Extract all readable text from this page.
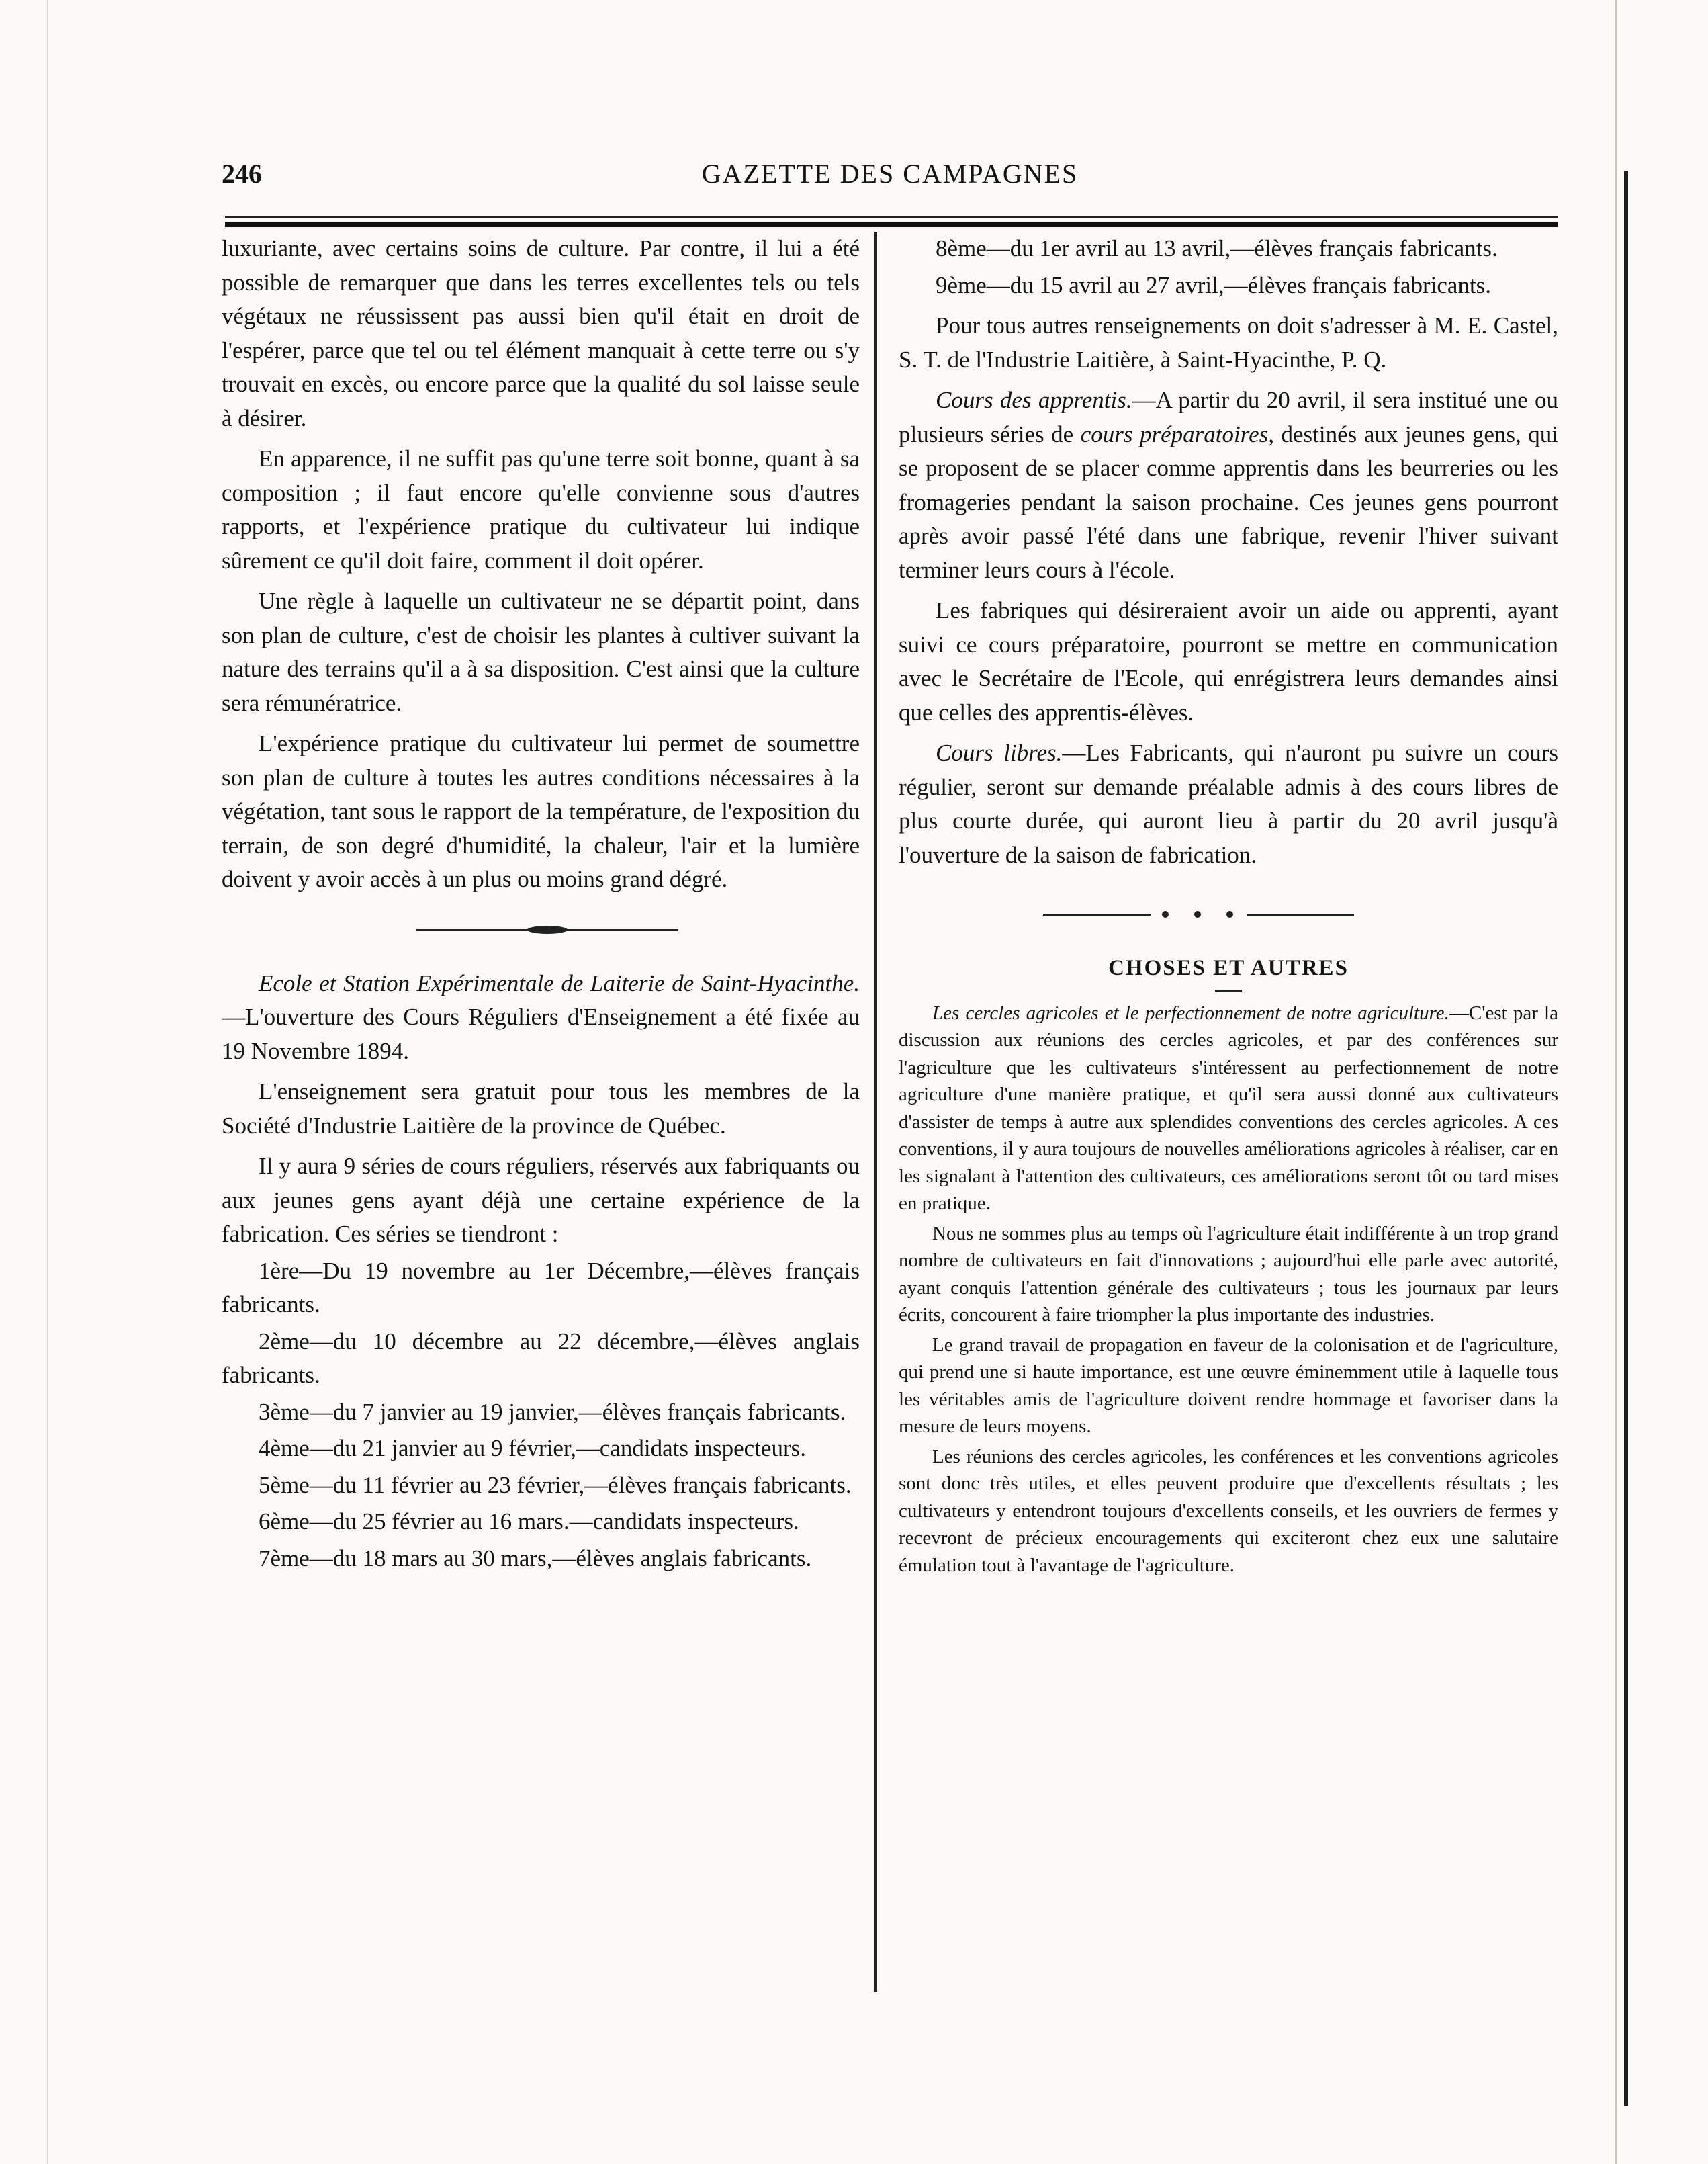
246	GAZETTE DES CAMPAGNES

luxuriante, avec certains soins de culture. Par contre, il lui a été possible de remarquer que dans les terres excellentes tels ou tels végétaux ne réussissent pas aussi bien qu'il était en droit de l'espérer, parce que tel ou tel élément manquait à cette terre ou s'y trouvait en excès, ou encore parce que la qualité du sol laisse seule à désirer.

En apparence, il ne suffit pas qu'une terre soit bonne, quant à sa composition ; il faut encore qu'elle convienne sous d'autres rapports, et l'expérience pratique du cultivateur lui indique sûrement ce qu'il doit faire, comment il doit opérer.

Une règle à laquelle un cultivateur ne se départit point, dans son plan de culture, c'est de choisir les plantes à cultiver suivant la nature des terrains qu'il a à sa disposition. C'est ainsi que la culture sera rémunératrice.

L'expérience pratique du cultivateur lui permet de soumettre son plan de culture à toutes les autres conditions nécessaires à la végétation, tant sous le rapport de la température, de l'exposition du terrain, de son degré d'humidité, la chaleur, l'air et la lumière doivent y avoir accès à un plus ou moins grand dégré.

Ecole et Station Expérimentale de Laiterie de Saint-Hyacinthe.—L'ouverture des Cours Réguliers d'Enseignement a été fixée au 19 Novembre 1894.

L'enseignement sera gratuit pour tous les membres de la Société d'Industrie Laitière de la province de Québec.

Il y aura 9 séries de cours réguliers, réservés aux fabriquants ou aux jeunes gens ayant déjà une certaine expérience de la fabrication. Ces séries se tiendront :

1ère—Du 19 novembre au 1er Décembre,—élèves français fabricants.

2ème—du 10 décembre au 22 décembre,—élèves anglais fabricants.

3ème—du 7 janvier au 19 janvier,—élèves français fabricants.

4ème—du 21 janvier au 9 février,—candidats inspecteurs.

5ème—du 11 février au 23 février,—élèves français fabricants.

6ème—du 25 février au 16 mars.—candidats inspecteurs.

7ème—du 18 mars au 30 mars,—élèves anglais fabricants.

8ème—du 1er avril au 13 avril,—élèves français fabricants.

9ème—du 15 avril au 27 avril,—élèves français fabricants.

Pour tous autres renseignements on doit s'adresser à M. E. Castel, S. T. de l'Industrie Laitière, à Saint-Hyacinthe, P. Q.

Cours des apprentis.—A partir du 20 avril, il sera institué une ou plusieurs séries de cours préparatoires, destinés aux jeunes gens, qui se proposent de se placer comme apprentis dans les beurreries ou les fromageries pendant la saison prochaine. Ces jeunes gens pourront après avoir passé l'été dans une fabrique, revenir l'hiver suivant terminer leurs cours à l'école.

Les fabriques qui désireraient avoir un aide ou apprenti, ayant suivi ce cours préparatoire, pourront se mettre en communication avec le Secrétaire de l'Ecole, qui enrégistrera leurs demandes ainsi que celles des apprentis-élèves.

Cours libres.—Les Fabricants, qui n'auront pu suivre un cours régulier, seront sur demande préalable admis à des cours libres de plus courte durée, qui auront lieu à partir du 20 avril jusqu'à l'ouverture de la saison de fabrication.

CHOSES ET AUTRES

Les cercles agricoles et le perfectionnement de notre agriculture.—C'est par la discussion aux réunions des cercles agricoles, et par des conférences sur l'agriculture que les cultivateurs s'intéressent au perfectionnement de notre agriculture d'une manière pratique, et qu'il sera aussi donné aux cultivateurs d'assister de temps à autre aux splendides conventions des cercles agricoles. A ces conventions, il y aura toujours de nouvelles améliorations agricoles à réaliser, car en les signalant à l'attention des cultivateurs, ces améliorations seront tôt ou tard mises en pratique.

Nous ne sommes plus au temps où l'agriculture était indifférente à un trop grand nombre de cultivateurs en fait d'innovations ; aujourd'hui elle parle avec autorité, ayant conquis l'attention générale des cultivateurs ; tous les journaux par leurs écrits, concourent à faire triompher la plus importante des industries.

Le grand travail de propagation en faveur de la colonisation et de l'agriculture, qui prend une si haute importance, est une œuvre éminemment utile à laquelle tous les véritables amis de l'agriculture doivent rendre hommage et favoriser dans la mesure de leurs moyens.

Les réunions des cercles agricoles, les conférences et les conventions agricoles sont donc très utiles, et elles peuvent produire que d'excellents résultats ; les cultivateurs y entendront toujours d'excellents conseils, et les ouvriers de fermes y recevront de précieux encouragements qui exciteront chez eux une salutaire émulation tout à l'avantage de l'agriculture.
